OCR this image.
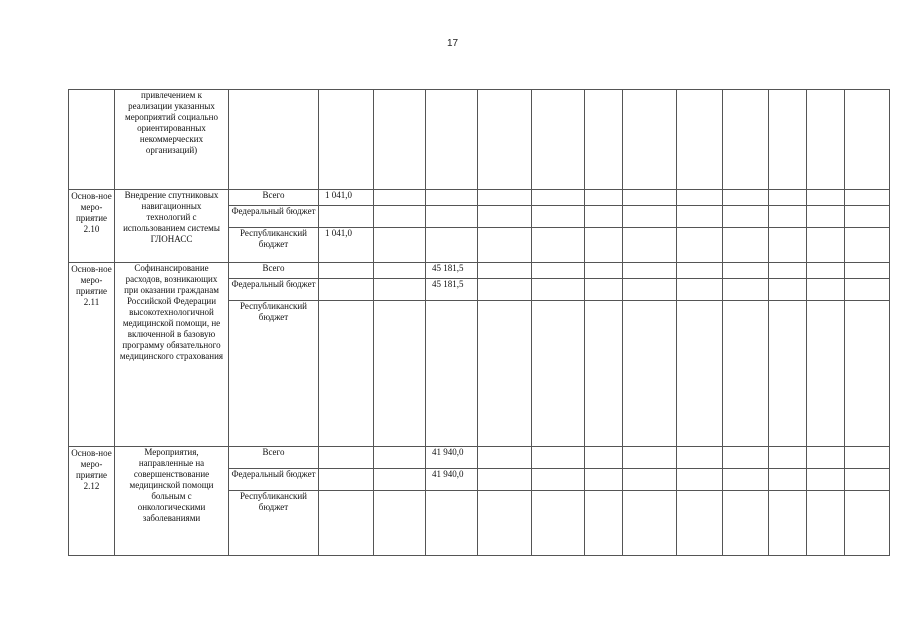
17
	привлечением к реализации указанных мероприятий социально ориентированных некоммерческих организаций)													
Основ-ное меро-приятие 2.10	Внедрение спутниковых навигационных технологий с использованием системы ГЛОНАСС	Всего	1 041,0											
		Федеральный бюджет												
		Республиканский бюджет	1 041,0											
Основ-ное меро-приятие 2.11	Софинансирование расходов, возникающих при оказании гражданам Российской Федерации высокотехнологичной медицинской помощи, не включенной в базовую программу обязательного медицинского страхования	Всего			45 181,5									
		Федеральный бюджет			45 181,5									
		Республиканский бюджет												
Основ-ное меро-приятие 2.12	Мероприятия, направленные на совершенствование медицинской помощи больным с онкологическими заболеваниями	Всего			41 940,0									
		Федеральный бюджет			41 940,0									
		Республиканский бюджет												
